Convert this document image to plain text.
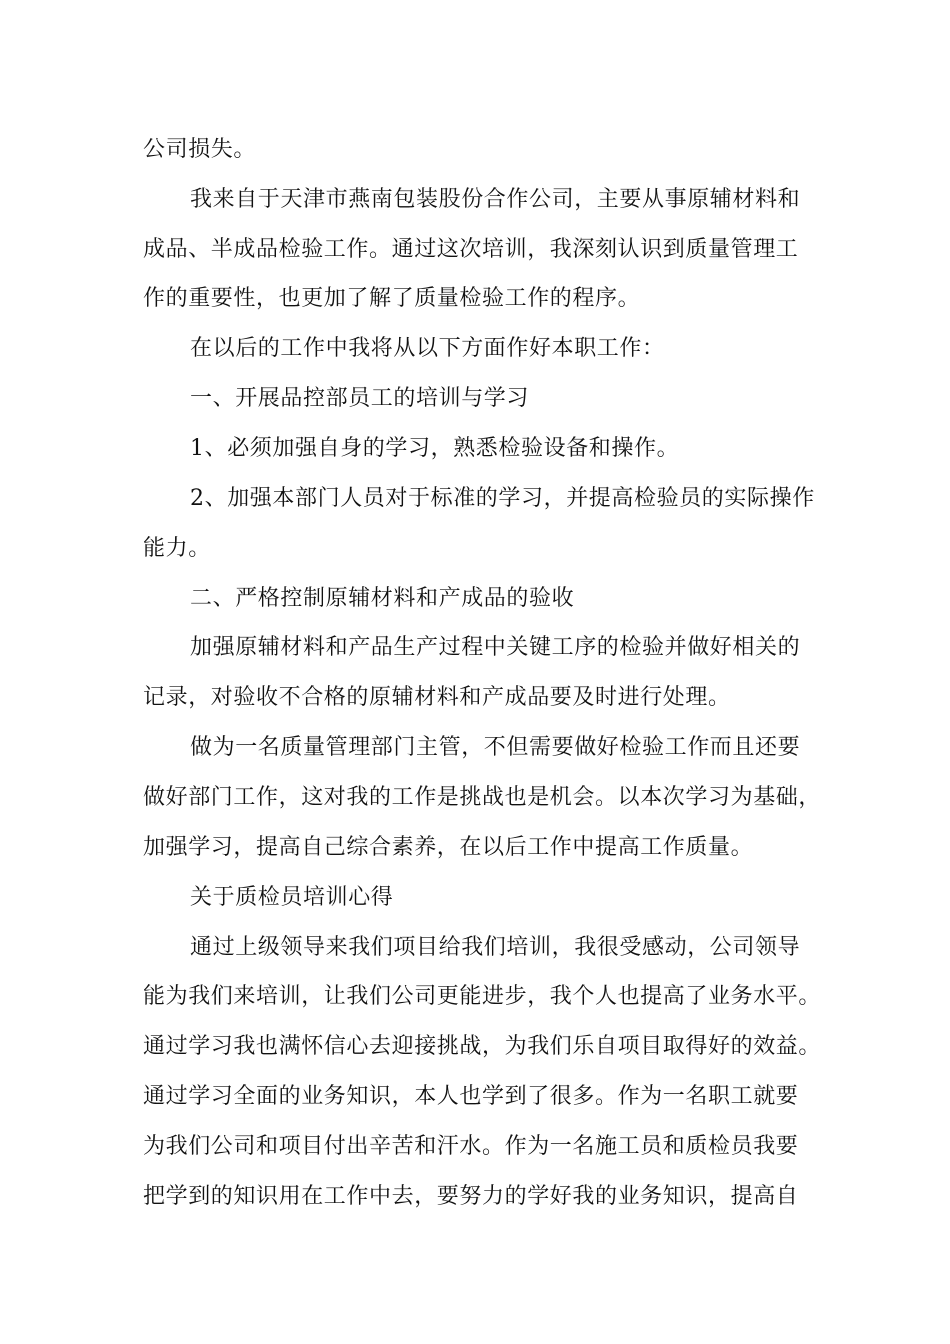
公司损失。
我来自于天津市燕南包装股份合作公司，主要从事原辅材料和
成品、半成品检验工作。通过这次培训，我深刻认识到质量管理工
作的重要性，也更加了解了质量检验工作的程序。
在以后的工作中我将从以下方面作好本职工作：
一、开展品控部员工的培训与学习
1、必须加强自身的学习，熟悉检验设备和操作。
2、加强本部门人员对于标准的学习，并提高检验员的实际操作
能力。
二、严格控制原辅材料和产成品的验收
加强原辅材料和产品生产过程中关键工序的检验并做好相关的
记录，对验收不合格的原辅材料和产成品要及时进行处理。
做为一名质量管理部门主管，不但需要做好检验工作而且还要
做好部门工作，这对我的工作是挑战也是机会。以本次学习为基础，
加强学习，提高自己综合素养，在以后工作中提高工作质量。
关于质检员培训心得
通过上级领导来我们项目给我们培训，我很受感动，公司领导
能为我们来培训，让我们公司更能进步，我个人也提高了业务水平。
通过学习我也满怀信心去迎接挑战，为我们乐自项目取得好的效益。
通过学习全面的业务知识，本人也学到了很多。作为一名职工就要
为我们公司和项目付出辛苦和汗水。作为一名施工员和质检员我要
把学到的知识用在工作中去，要努力的学好我的业务知识，提高自
